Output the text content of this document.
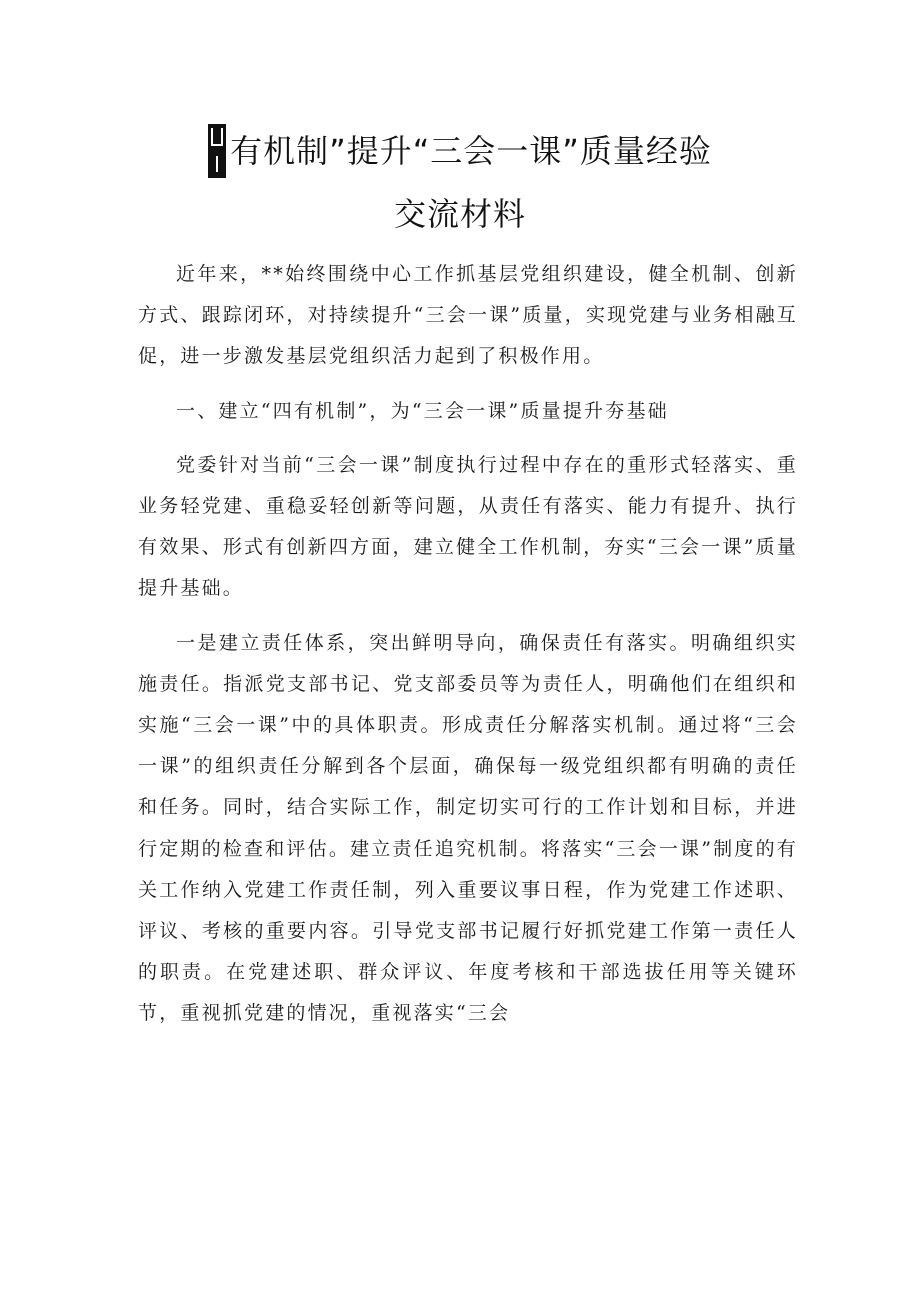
有机制”提升“三会一课”质量经验
交流材料

近年来，**始终围绕中心工作抓基层党组织建设，健全机制、创新方式、跟踪闭环，对持续提升“三会一课”质量，实现党建与业务相融互促，进一步激发基层党组织活力起到了积极作用。

一、建立“四有机制”，为“三会一课”质量提升夯基础

党委针对当前“三会一课”制度执行过程中存在的重形式轻落实、重业务轻党建、重稳妥轻创新等问题，从责任有落实、能力有提升、执行有效果、形式有创新四方面，建立健全工作机制，夯实“三会一课”质量提升基础。

一是建立责任体系，突出鲜明导向，确保责任有落实。明确组织实施责任。指派党支部书记、党支部委员等为责任人，明确他们在组织和实施“三会一课”中的具体职责。形成责任分解落实机制。通过将“三会一课”的组织责任分解到各个层面，确保每一级党组织都有明确的责任和任务。同时，结合实际工作，制定切实可行的工作计划和目标，并进行定期的检查和评估。建立责任追究机制。将落实“三会一课”制度的有关工作纳入党建工作责任制，列入重要议事日程，作为党建工作述职、评议、考核的重要内容。引导党支部书记履行好抓党建工作第一责任人的职责。在党建述职、群众评议、年度考核和干部选拔任用等关键环节，重视抓党建的情况，重视落实“三会
